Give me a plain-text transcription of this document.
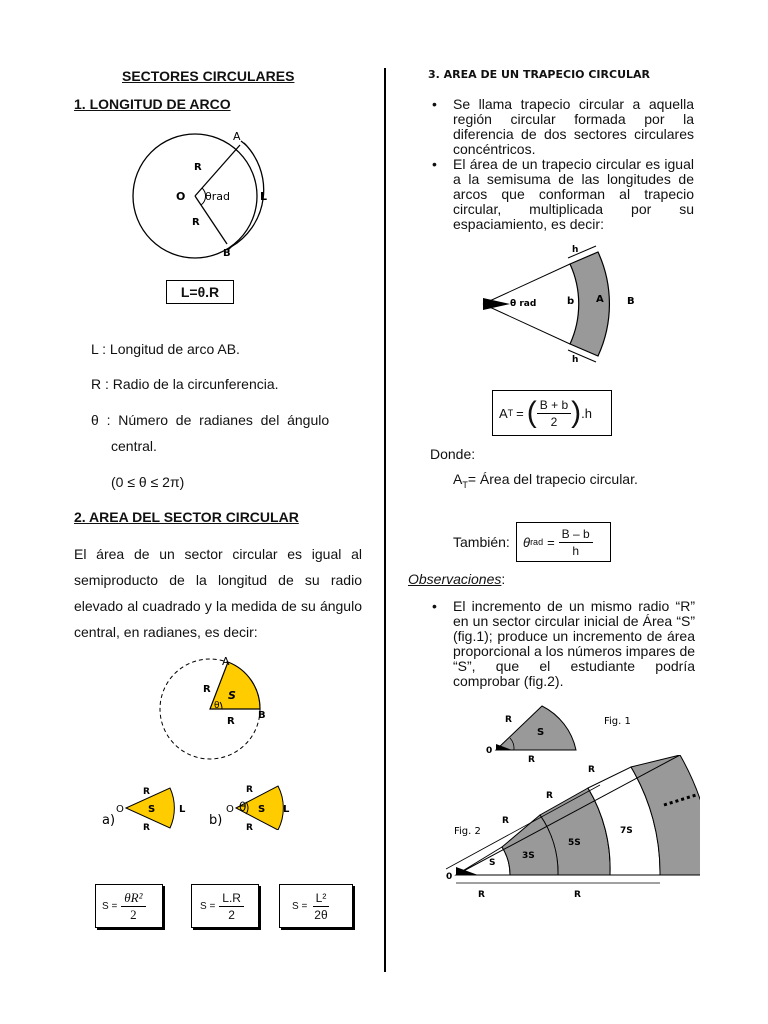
SECTORES CIRCULARES
1. LONGITUD DE ARCO
A
B
O
R
R
θrad	L
L=θ.R
L : Longitud de arco AB.
R : Radio de la circunferencia.
θ  :  Número  de  radianes  del  ángulo
central.
(0 ≤ θ ≤ 2π)
2. AREA DEL SECTOR CIRCULAR
El área de un sector circular es igual al semiproducto de la longitud de su radio elevado al cuadrado y la medida de su ángulo central, en radianes, es decir:
A
B
R
R
S
θ
a)	b)
O	O
R
R
R
R
S	S
L	L
θ
$S = \frac{\text{θR²}}{2}$	$S = \frac{L.R}{2}$	$S = \frac{\text{L²}}{2\theta}$
3. AREA DE UN TRAPECIO CIRCULAR
• Se llama trapecio circular a aquella región circular formada por la diferencia de dos sectores circulares concéntricos.
• El área de un trapecio circular es igual a la semisuma de las longitudes de arcos que conforman al trapecio circular, multiplicada por su espaciamiento, es decir:
h
h
θ rad	b A B
A T = ( $\frac{B + b}{2}$ ) .h
Donde:
$A_T=$ Área del trapecio circular.
También: θ rad = $\frac{B - b}{h}$
Observaciones:
• El incremento de un mismo radio “R” en un sector circular inicial de Área “S” (fig.1); produce un incremento de área proporcional a los números impares de “S”, que el estudiante podría comprobar (fig.2).
Fig. 1
R
R
S
0
Fig. 2
0
S
3S
5S
7S
R
R
R
R	R
